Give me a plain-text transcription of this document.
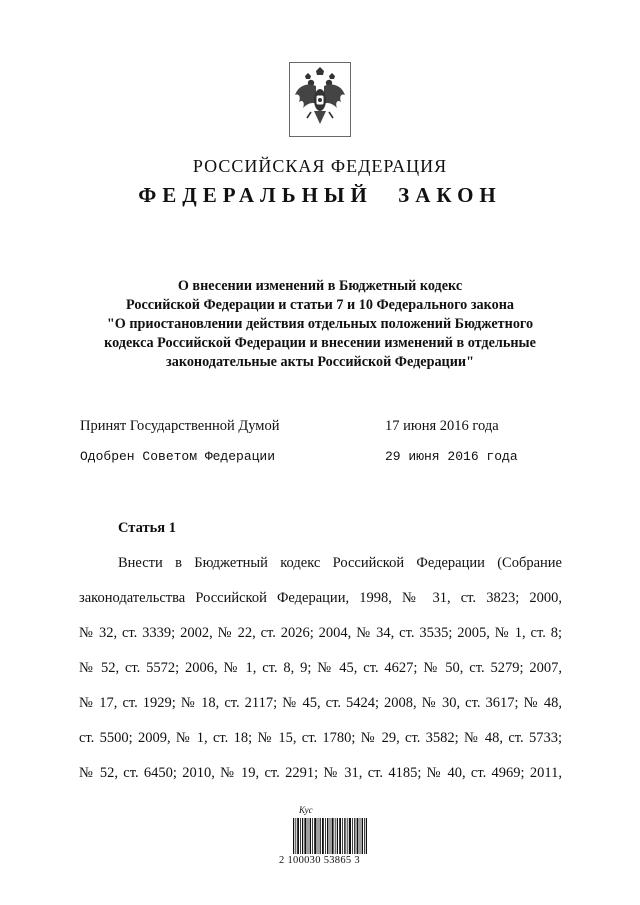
РОССИЙСКАЯ ФЕДЕРАЦИЯ
ФЕДЕРАЛЬНЫЙ ЗАКОН
О внесении изменений в Бюджетный кодекс
Российской Федерации и статьи 7 и 10 Федерального закона
"О приостановлении действия отдельных положений Бюджетного
кодекса Российской Федерации и внесении изменений в отдельные
законодательные акты Российской Федерации"
Принят Государственной Думой	17 июня 2016 года
Одобрен Советом Федерации	29 июня 2016 года
Статья 1
Внести в Бюджетный кодекс Российской Федерации (Собрание
законодательства Российской Федерации, 1998, № 31, ст. 3823; 2000,
№ 32, ст. 3339; 2002, № 22, ст. 2026; 2004, № 34, ст. 3535; 2005, № 1, ст. 8;
№ 52, ст. 5572; 2006, № 1, ст. 8, 9; № 45, ст. 4627; № 50, ст. 5279; 2007,
№ 17, ст. 1929; № 18, ст. 2117; № 45, ст. 5424; 2008, № 30, ст. 3617; № 48,
ст. 5500; 2009, № 1, ст. 18; № 15, ст. 1780; № 29, ст. 3582; № 48, ст. 5733;
№ 52, ст. 6450; 2010, № 19, ст. 2291; № 31, ст. 4185; № 40, ст. 4969; 2011,
Кус
2 100030 53865 3
